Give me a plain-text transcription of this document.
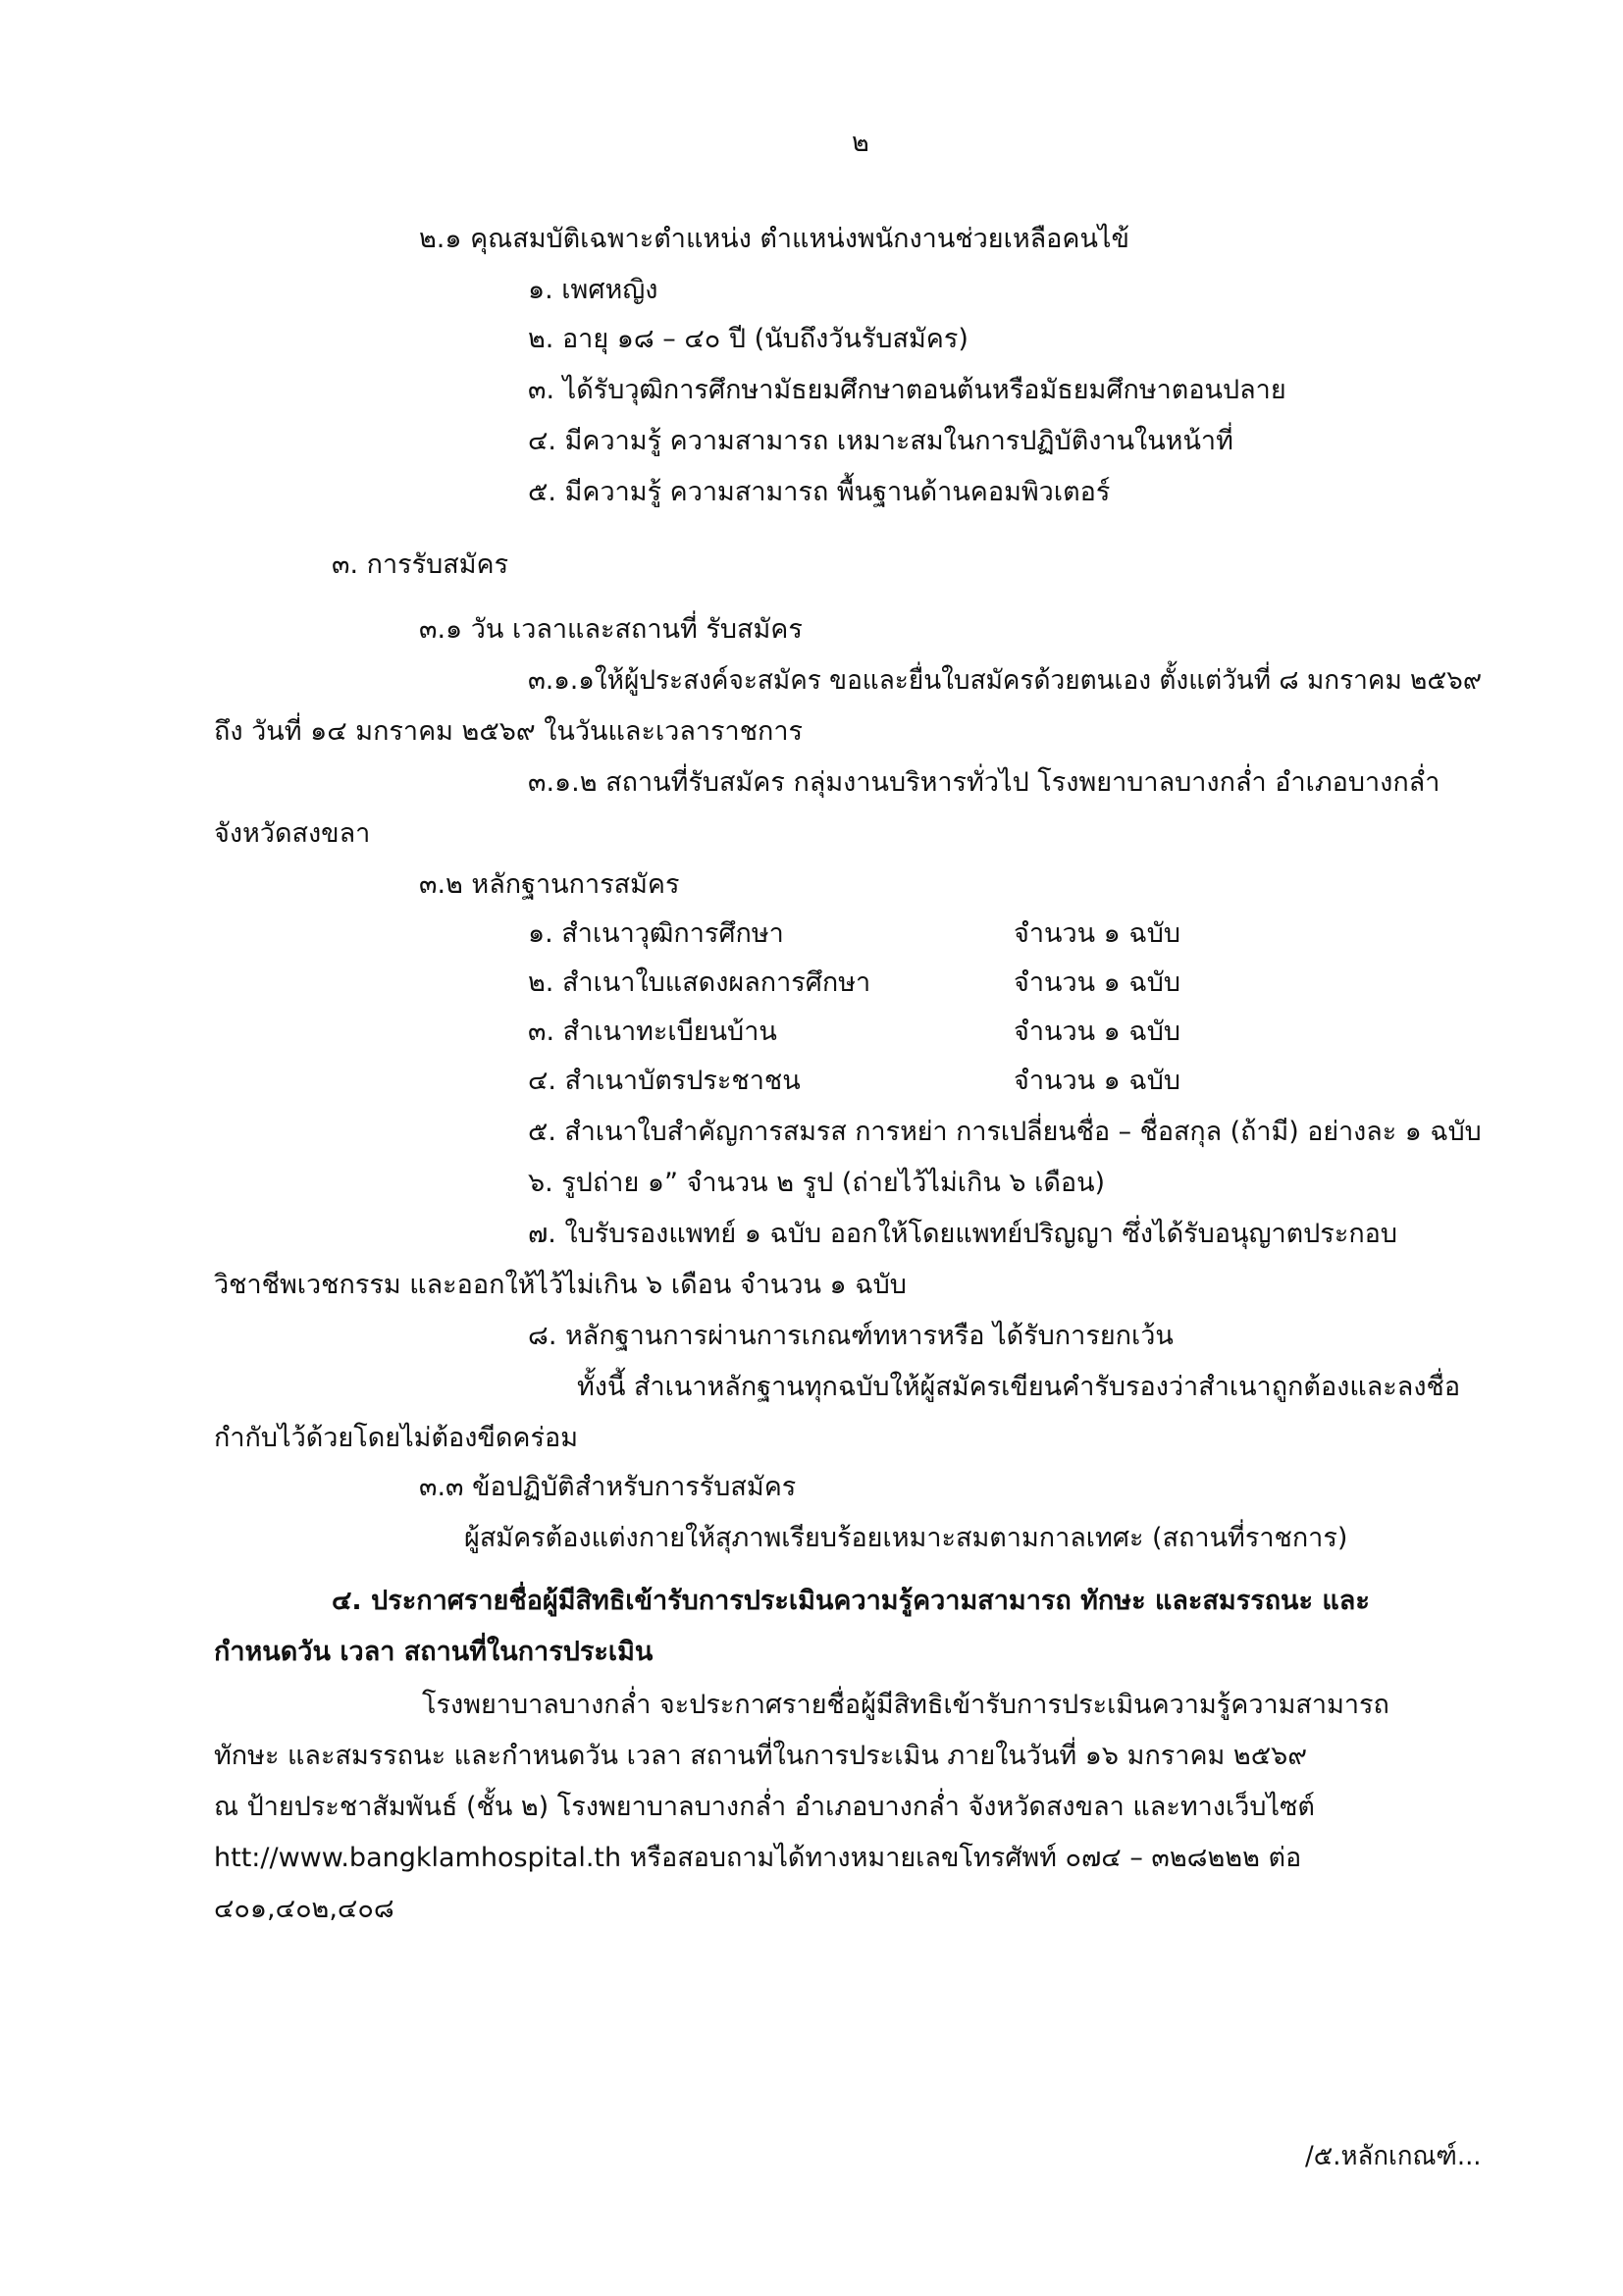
๒
๒.๑ คุณสมบัติเฉพาะตำแหน่ง ตำแหน่งพนักงานช่วยเหลือคนไข้
๑. เพศหญิง
๒. อายุ ๑๘ – ๔๐ ปี (นับถึงวันรับสมัคร)
๓. ได้รับวุฒิการศึกษามัธยมศึกษาตอนต้นหรือมัธยมศึกษาตอนปลาย
๔. มีความรู้ ความสามารถ เหมาะสมในการปฏิบัติงานในหน้าที่
๕. มีความรู้ ความสามารถ พื้นฐานด้านคอมพิวเตอร์
๓. การรับสมัคร
๓.๑ วัน เวลาและสถานที่ รับสมัคร
๓.๑.๑ให้ผู้ประสงค์จะสมัคร ขอและยื่นใบสมัครด้วยตนเอง ตั้งแต่วันที่ ๘ มกราคม ๒๕๖๙
ถึง วันที่ ๑๔ มกราคม ๒๕๖๙ ในวันและเวลาราชการ
๓.๑.๒ สถานที่รับสมัคร กลุ่มงานบริหารทั่วไป โรงพยาบาลบางกล่ำ อำเภอบางกล่ำ
จังหวัดสงขลา
๓.๒ หลักฐานการสมัคร
๑. สำเนาวุฒิการศึกษา	จำนวน ๑ ฉบับ
๒. สำเนาใบแสดงผลการศึกษา	จำนวน ๑ ฉบับ
๓. สำเนาทะเบียนบ้าน	จำนวน ๑ ฉบับ
๔. สำเนาบัตรประชาชน	จำนวน ๑ ฉบับ
๕. สำเนาใบสำคัญการสมรส การหย่า การเปลี่ยนชื่อ – ชื่อสกุล (ถ้ามี) อย่างละ ๑ ฉบับ
๖. รูปถ่าย ๑” จำนวน ๒ รูป (ถ่ายไว้ไม่เกิน ๖ เดือน)
๗. ใบรับรองแพทย์ ๑ ฉบับ ออกให้โดยแพทย์ปริญญา ซึ่งได้รับอนุญาตประกอบ
วิชาชีพเวชกรรม และออกให้ไว้ไม่เกิน ๖ เดือน จำนวน ๑ ฉบับ
๘. หลักฐานการผ่านการเกณฑ์ทหารหรือ ได้รับการยกเว้น
ทั้งนี้ สำเนาหลักฐานทุกฉบับให้ผู้สมัครเขียนคำรับรองว่าสำเนาถูกต้องและลงชื่อ
กำกับไว้ด้วยโดยไม่ต้องขีดคร่อม
๓.๓ ข้อปฏิบัติสำหรับการรับสมัคร
ผู้สมัครต้องแต่งกายให้สุภาพเรียบร้อยเหมาะสมตามกาลเทศะ (สถานที่ราชการ)
๔. ประกาศรายชื่อผู้มีสิทธิเข้ารับการประเมินความรู้ความสามารถ ทักษะ และสมรรถนะ และ
กำหนดวัน เวลา สถานที่ในการประเมิน
โรงพยาบาลบางกล่ำ จะประกาศรายชื่อผู้มีสิทธิเข้ารับการประเมินความรู้ความสามารถ
ทักษะ และสมรรถนะ และกำหนดวัน เวลา สถานที่ในการประเมิน ภายในวันที่ ๑๖ มกราคม ๒๕๖๙
ณ ป้ายประชาสัมพันธ์ (ชั้น ๒) โรงพยาบาลบางกล่ำ อำเภอบางกล่ำ จังหวัดสงขลา และทางเว็บไซต์
htt://www.bangklamhospital.th หรือสอบถามได้ทางหมายเลขโทรศัพท์ ๐๗๔ – ๓๒๘๒๒๒ ต่อ
๔๐๑,๔๐๒,๔๐๘
/๕.หลักเกณฑ์...
